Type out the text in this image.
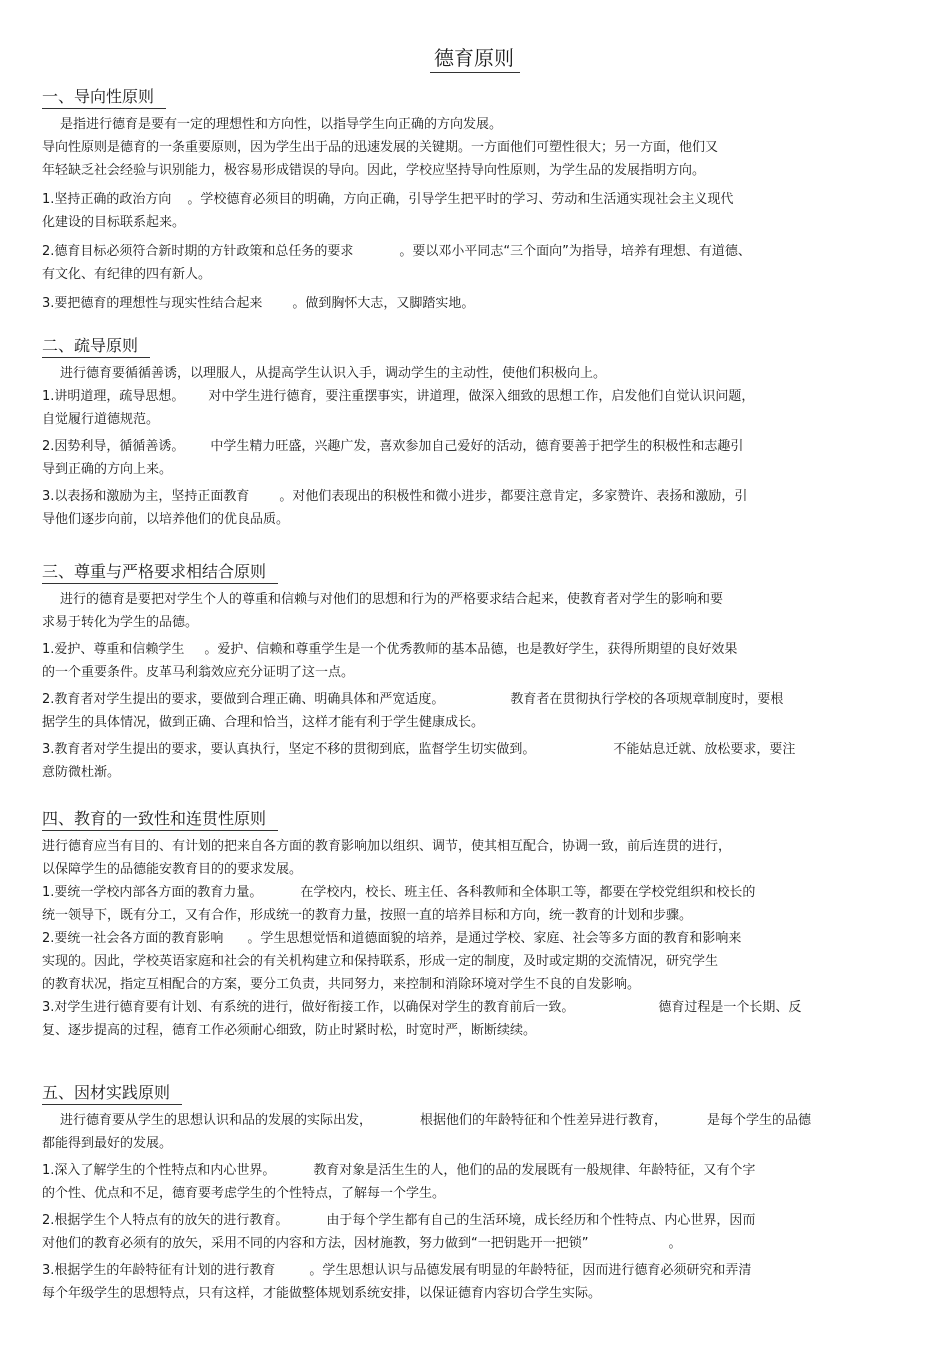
德育原则
一、导向性原则
是指进行德育是要有一定的理想性和方向性，以指导学生向正确的方向发展。
导向性原则是德育的一条重要原则，因为学生出于品的迅速发展的关键期。一方面他们可塑性很大；另一方面，他们又
年轻缺乏社会经验与识别能力，极容易形成错误的导向。因此，学校应坚持导向性原则，为学生品的发展指明方向。
1.坚持正确的政治方向 。学校德育必须目的明确，方向正确，引导学生把平时的学习、劳动和生活通实现社会主义现代
化建设的目标联系起来。
2.德育目标必须符合新时期的方针政策和总任务的要求	。要以邓小平同志“三个面向”为指导，培养有理想、有道德、
有文化、有纪律的四有新人。
3.要把德育的理想性与现实性结合起来 。做到胸怀大志，又脚踏实地。
二、疏导原则
进行德育要循循善诱，以理服人，从提高学生认识入手，调动学生的主动性，使他们积极向上。
1.讲明道理，疏导思想。 对中学生进行德育，要注重摆事实，讲道理，做深入细致的思想工作，启发他们自觉认识问题，
自觉履行道德规范。
2.因势利导，循循善诱。 中学生精力旺盛，兴趣广发，喜欢参加自己爱好的活动，德育要善于把学生的积极性和志趣引
导到正确的方向上来。
3.以表扬和激励为主，坚持正面教育 。对他们表现出的积极性和微小进步，都要注意肯定，多家赞许、表扬和激励，引
导他们逐步向前，以培养他们的优良品质。
三、尊重与严格要求相结合原则
进行的德育是要把对学生个人的尊重和信赖与对他们的思想和行为的严格要求结合起来，使教育者对学生的影响和要
求易于转化为学生的品德。
1.爱护、尊重和信赖学生 。爱护、信赖和尊重学生是一个优秀教师的基本品德，也是教好学生，获得所期望的良好效果
的一个重要条件。皮革马利翁效应充分证明了这一点。
2.教育者对学生提出的要求，要做到合理正确、明确具体和严宽适度。	教育者在贯彻执行学校的各项规章制度时，要根
据学生的具体情况，做到正确、合理和恰当，这样才能有利于学生健康成长。
3.教育者对学生提出的要求，要认真执行，坚定不移的贯彻到底，监督学生切实做到。	不能姑息迁就、放松要求，要注
意防微杜渐。
四、教育的一致性和连贯性原则
进行德育应当有目的、有计划的把来自各方面的教育影响加以组织、调节，使其相互配合，协调一致，前后连贯的进行，
以保障学生的品德能安教育目的的要求发展。
1.要统一学校内部各方面的教育力量。	在学校内，校长、班主任、各科教师和全体职工等，都要在学校党组织和校长的
统一领导下，既有分工，又有合作，形成统一的教育力量，按照一直的培养目标和方向，统一教育的计划和步骤。
2.要统一社会各方面的教育影响 。学生思想觉悟和道德面貌的培养，是通过学校、家庭、社会等多方面的教育和影响来
实现的。因此，学校英语家庭和社会的有关机构建立和保持联系，形成一定的制度，及时或定期的交流情况，研究学生
的教育状况，指定互相配合的方案，要分工负责，共同努力，来控制和消除环境对学生不良的自发影响。
3.对学生进行德育要有计划、有系统的进行，做好衔接工作，以确保对学生的教育前后一致。	德育过程是一个长期、反
复、逐步提高的过程，德育工作必须耐心细致，防止时紧时松，时宽时严，断断续续。
五、因材实践原则
进行德育要从学生的思想认识和品的发展的实际出发，	根据他们的年龄特征和个性差异进行教育，	是每个学生的品德
都能得到最好的发展。
1.深入了解学生的个性特点和内心世界。	教育对象是活生生的人，他们的品的发展既有一般规律、年龄特征，又有个字
的个性、优点和不足，德育要考虑学生的个性特点，了解每一个学生。
2.根据学生个人特点有的放矢的进行教育。	由于每个学生都有自己的生活环境，成长经历和个性特点、内心世界，因而
对他们的教育必须有的放矢，采用不同的内容和方法，因材施教，努力做到“一把钥匙开一把锁”	。
3.根据学生的年龄特征有计划的进行教育	。学生思想认识与品德发展有明显的年龄特征，因而进行德育必须研究和弄清
每个年级学生的思想特点，只有这样，才能做整体规划系统安排，以保证德育内容切合学生实际。
